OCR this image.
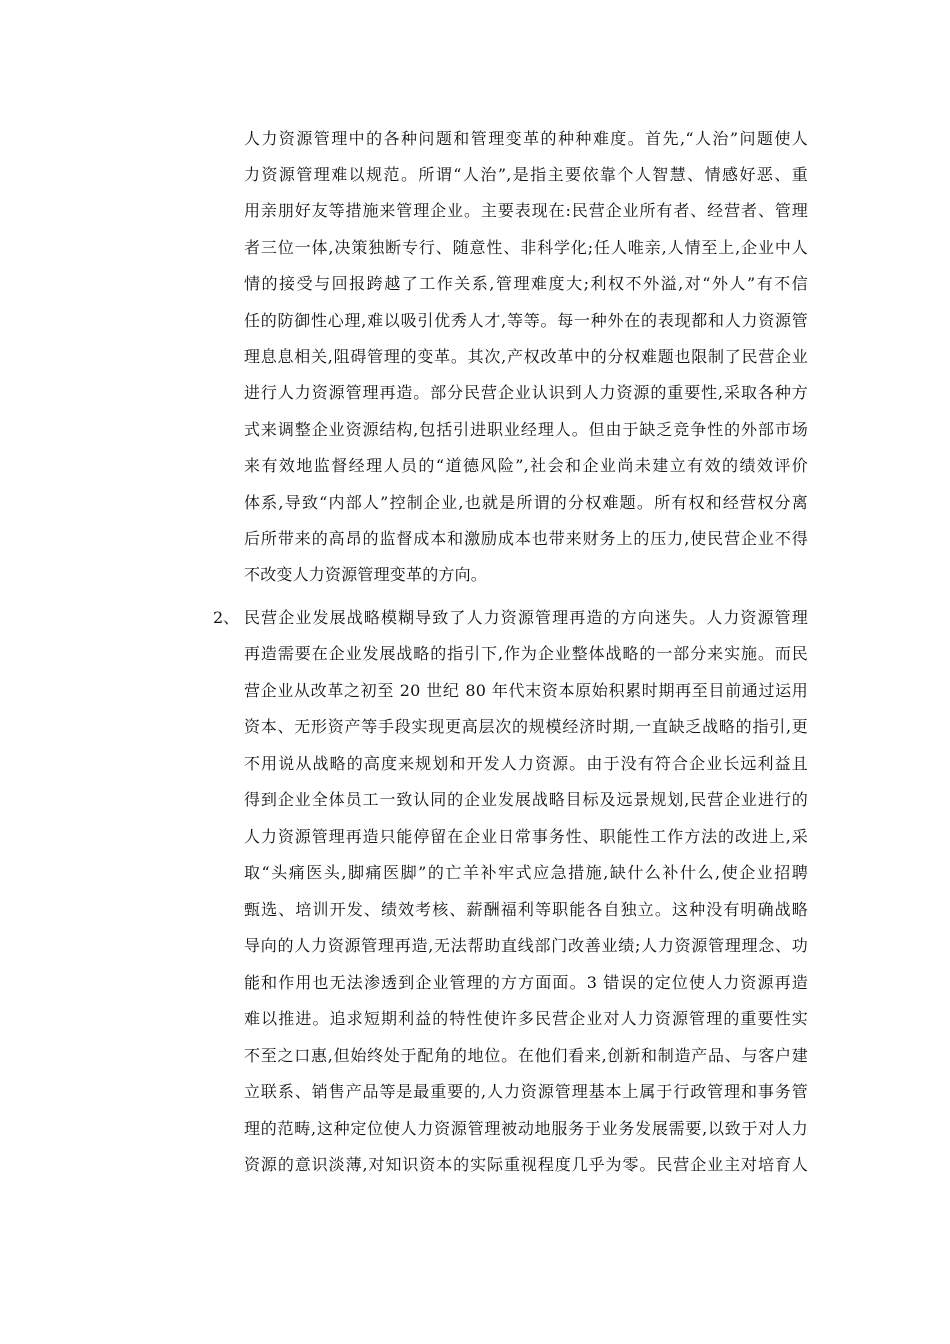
人力资源管理中的各种问题和管理变革的种种难度。首先,“人治”问题使人
力资源管理难以规范。所谓“人治”,是指主要依靠个人智慧、情感好恶、重
用亲朋好友等措施来管理企业。主要表现在:民营企业所有者、经营者、管理
者三位一体,决策独断专行、随意性、非科学化;任人唯亲,人情至上,企业中人
情的接受与回报跨越了工作关系,管理难度大;利权不外溢,对“外人”有不信
任的防御性心理,难以吸引优秀人才,等等。每一种外在的表现都和人力资源管
理息息相关,阻碍管理的变革。其次,产权改革中的分权难题也限制了民营企业
进行人力资源管理再造。部分民营企业认识到人力资源的重要性,采取各种方
式来调整企业资源结构,包括引进职业经理人。但由于缺乏竞争性的外部市场
来有效地监督经理人员的“道德风险”,社会和企业尚未建立有效的绩效评价
体系,导致“内部人”控制企业,也就是所谓的分权难题。所有权和经营权分离
后所带来的高昂的监督成本和激励成本也带来财务上的压力,使民营企业不得
不改变人力资源管理变革的方向。
2、 民营企业发展战略模糊导致了人力资源管理再造的方向迷失。人力资源管理
再造需要在企业发展战略的指引下,作为企业整体战略的一部分来实施。而民
营企业从改革之初至 20 世纪 80 年代末资本原始积累时期再至目前通过运用
资本、无形资产等手段实现更高层次的规模经济时期,一直缺乏战略的指引,更
不用说从战略的高度来规划和开发人力资源。由于没有符合企业长远利益且
得到企业全体员工一致认同的企业发展战略目标及远景规划,民营企业进行的
人力资源管理再造只能停留在企业日常事务性、职能性工作方法的改进上,采
取“头痛医头,脚痛医脚”的亡羊补牢式应急措施,缺什么补什么,使企业招聘
甄选、培训开发、绩效考核、薪酬福利等职能各自独立。这种没有明确战略
导向的人力资源管理再造,无法帮助直线部门改善业绩;人力资源管理理念、功
能和作用也无法渗透到企业管理的方方面面。3 错误的定位使人力资源再造
难以推进。追求短期利益的特性使许多民营企业对人力资源管理的重要性实
不至之口惠,但始终处于配角的地位。在他们看来,创新和制造产品、与客户建
立联系、销售产品等是最重要的,人力资源管理基本上属于行政管理和事务管
理的范畴,这种定位使人力资源管理被动地服务于业务发展需要,以致于对人力
资源的意识淡薄,对知识资本的实际重视程度几乎为零。民营企业主对培育人
